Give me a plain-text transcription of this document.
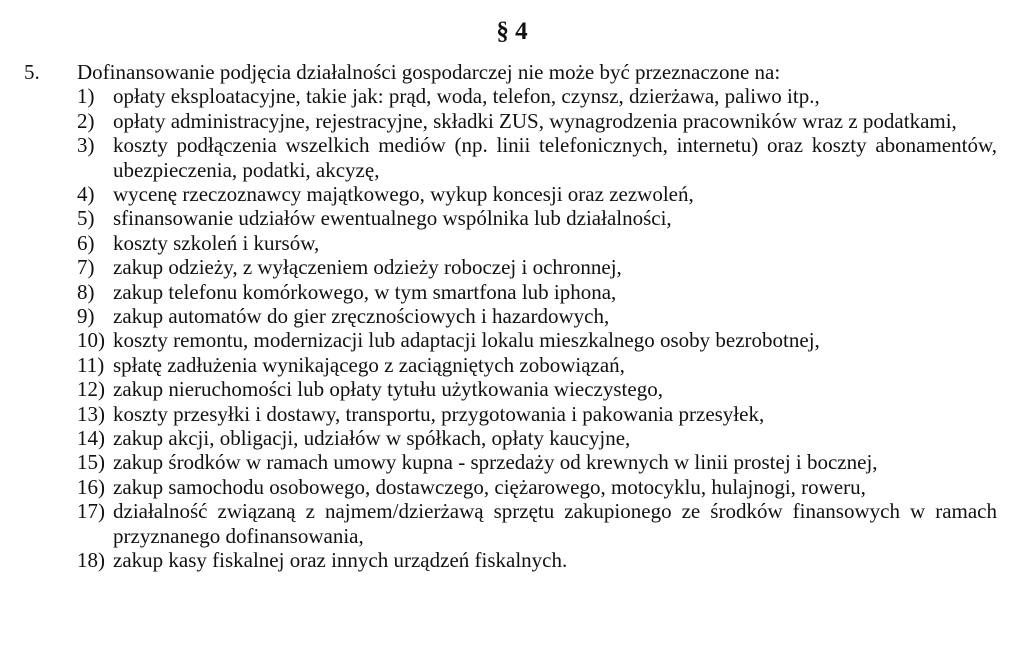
§ 4
5. Dofinansowanie podjęcia działalności gospodarczej nie może być przeznaczone na:
1) opłaty eksploatacyjne, takie jak: prąd, woda, telefon, czynsz, dzierżawa, paliwo itp.,
2) opłaty administracyjne, rejestracyjne, składki ZUS, wynagrodzenia pracowników wraz z podatkami,
3) koszty podłączenia wszelkich mediów (np. linii telefonicznych, internetu) oraz koszty abonamentów, ubezpieczenia, podatki, akcyzę,
4) wycenę rzeczoznawcy majątkowego, wykup koncesji oraz zezwoleń,
5) sfinansowanie udziałów ewentualnego wspólnika lub działalności,
6) koszty szkoleń i kursów,
7) zakup odzieży, z wyłączeniem odzieży roboczej i ochronnej,
8) zakup telefonu komórkowego, w tym smartfona lub iphona,
9) zakup automatów do gier zręcznościowych i hazardowych,
10) koszty remontu, modernizacji lub adaptacji lokalu mieszkalnego osoby bezrobotnej,
11) spłatę zadłużenia wynikającego z zaciągniętych zobowiązań,
12) zakup nieruchomości lub opłaty tytułu użytkowania wieczystego,
13) koszty przesyłki i dostawy, transportu, przygotowania i pakowania przesyłek,
14) zakup akcji, obligacji, udziałów w spółkach, opłaty kaucyjne,
15) zakup środków w ramach umowy kupna - sprzedaży od krewnych w linii prostej i bocznej,
16) zakup samochodu osobowego, dostawczego, ciężarowego, motocyklu, hulajnogi, roweru,
17) działalność związaną z najmem/dzierżawą sprzętu zakupionego ze środków finansowych w ramach przyznanego dofinansowania,
18) zakup kasy fiskalnej oraz innych urządzeń fiskalnych.
